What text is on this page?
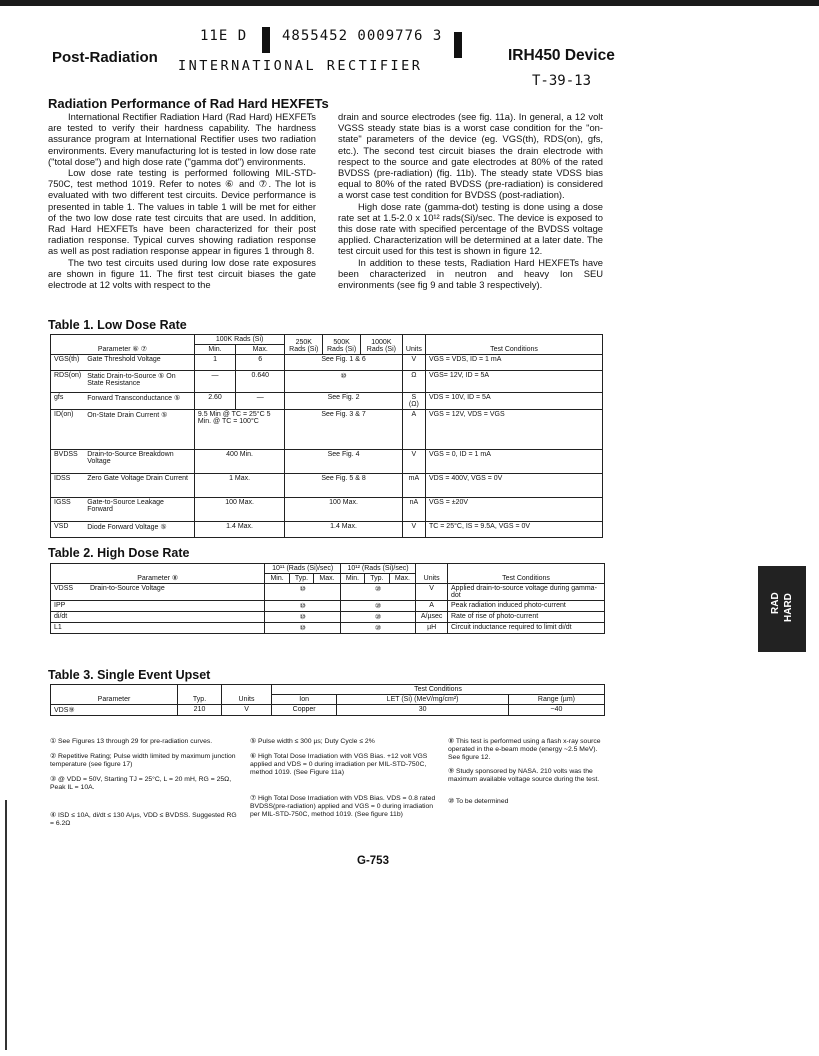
Post-Radiation
11E D 4855452 0009776 3
INTERNATIONAL RECTIFIER
IRH450 Device
T-39-13
Radiation Performance of Rad Hard HEXFETs

International Rectifier Radiation Hard (Rad Hard) HEXFETs are tested to verify their hardness capability. The hardness assurance program at International Rectifier uses two radiation environments. Every manufacturing lot is tested in low dose rate ("total dose") and high dose rate ("gamma dot") environments.

Low dose rate testing is performed following MIL-STD-750C, test method 1019. Refer to notes ⑥ and ⑦. The lot is evaluated with two different test circuits. Device performance is presented in table 1. The values in table 1 will be met for either of the two low dose rate test circuits that are used. In addition, Rad Hard HEXFETs have been characterized for their post radiation response. Typical curves showing radiation response as well as post radiation response appear in figures 1 through 8.

The two test circuits used during low dose rate exposures are shown in figure 11. The first test circuit biases the gate electrode at 12 volts with respect to the

drain and source electrodes (see fig. 11a). In general, a 12 volt VGSS steady state bias is a worst case condition for the "on-state" parameters of the device (eg. VGS(th), RDS(on), gfs, etc.). The second test circuit biases the drain electrode with respect to the source and gate electrodes at 80% of the rated BVDSS (pre-radiation) (fig. 11b). The steady state VDSS bias equal to 80% of the rated BVDSS (pre-radiation) is considered a worst case test condition for BVDSS (post-radiation).

High dose rate (gamma-dot) testing is done using a dose rate set at 1.5-2.0 x 10¹² rads(Si)/sec. The device is exposed to this dose rate with specified percentage of the BVDSS voltage applied. Characterization will be determined at a later date. The test circuit used for this test is shown in figure 12.

In addition to these tests, Radiation Hard HEXFETs have been characterized in neutron and heavy Ion SEU environments (see fig 9 and table 3 respectively).

Table 1. Low Dose Rate
Parameter ⑥ ⑦		100K Rads (Si)		250K Rads (Si)	500K Rads (Si)	1000K Rads (Si)	Units	Test Conditions
		Min.	Max.					
VGS(th)	Gate Threshold Voltage	1	6	See Fig. 1 & 6			V	VGS = VDS, ID = 1 mA
RDS(on)	Static Drain-to-Source ⑤ On State Resistance	—	0.640	⑩			Ω	VGS= 12V, ID = 5A
gfs	Forward Transconductance ⑤	2.60	—	See Fig. 2			S (Ω)	VDS = 10V, ID = 5A
ID(on)	On-State Drain Current ⑤	9.5 Min @ TC = 25°C 5 Min. @ TC = 100°C		See Fig. 3 & 7			A	VGS = 12V, VDS = VGS
BVDSS	Drain-to-Source Breakdown Voltage	400 Min.		See Fig. 4			V	VGS = 0, ID = 1 mA
IDSS	Zero Gate Voltage Drain Current	1 Max.		See Fig. 5 & 8			mA	VDS = 400V, VGS = 0V
IGSS	Gate-to-Source Leakage Forward	100 Max.		100 Max.			nA	VGS = ±20V
VSD	Diode Forward Voltage ⑤	1.4 Max.		1.4 Max.			V	TC = 25°C, IS = 9.5A, VGS = 0V
Table 2. High Dose Rate
Parameter ⑧		10¹¹ (Rads (Si)/sec)			10¹² (Rads (Si)/sec)			Units	Test Conditions
		Min.	Typ.	Max.	Min.	Typ.	Max.		
VDSS	Drain-to-Source Voltage	⑩			⑩			V	Applied drain-to-source voltage during gamma-dot
IPP		⑩			⑩			A	Peak radiation induced photo-current
di/dt		⑩			⑩			A/µsec	Rate of rise of photo-current
L1		⑩			⑩			µH	Circuit inductance required to limit di/dt
RAD HARD
Table 3. Single Event Upset
Parameter	Typ.	Units	Test Conditions		
			Ion	LET (Si) (MeV/mg/cm²)	Range (µm)

VDS⑨	210	V	Copper	30	~40
① See Figures 13 through 29 for pre-radiation curves.
② Repetitive Rating; Pulse width limited by maximum junction temperature (see figure 17)
③ @ VDD = 50V, Starting TJ = 25°C, L = 20 mH, RG = 25Ω, Peak IL = 10A.
④ ISD ≤ 10A, di/dt ≤ 130 A/µs, VDD ≤ BVDSS. Suggested RG = 6.2Ω
⑤ Pulse width ≤ 300 µs; Duty Cycle ≤ 2%
⑥ High Total Dose Irradiation with VGS Bias. +12 volt VGS applied and VDS = 0 during irradiation per MIL-STD-750C, method 1019. (See Figure 11a)
⑦ High Total Dose Irradiation with VDS Bias. VDS = 0.8 rated BVDSS(pre-radiation) applied and VGS = 0 during irradiation per MIL-STD-750C, method 1019. (See figure 11b)
⑧ This test is performed using a flash x-ray source operated in the e-beam mode (energy ~2.5 MeV). See figure 12.
⑨ Study sponsored by NASA. 210 volts was the maximum available voltage source during the test.
⑩ To be determined
G-753
